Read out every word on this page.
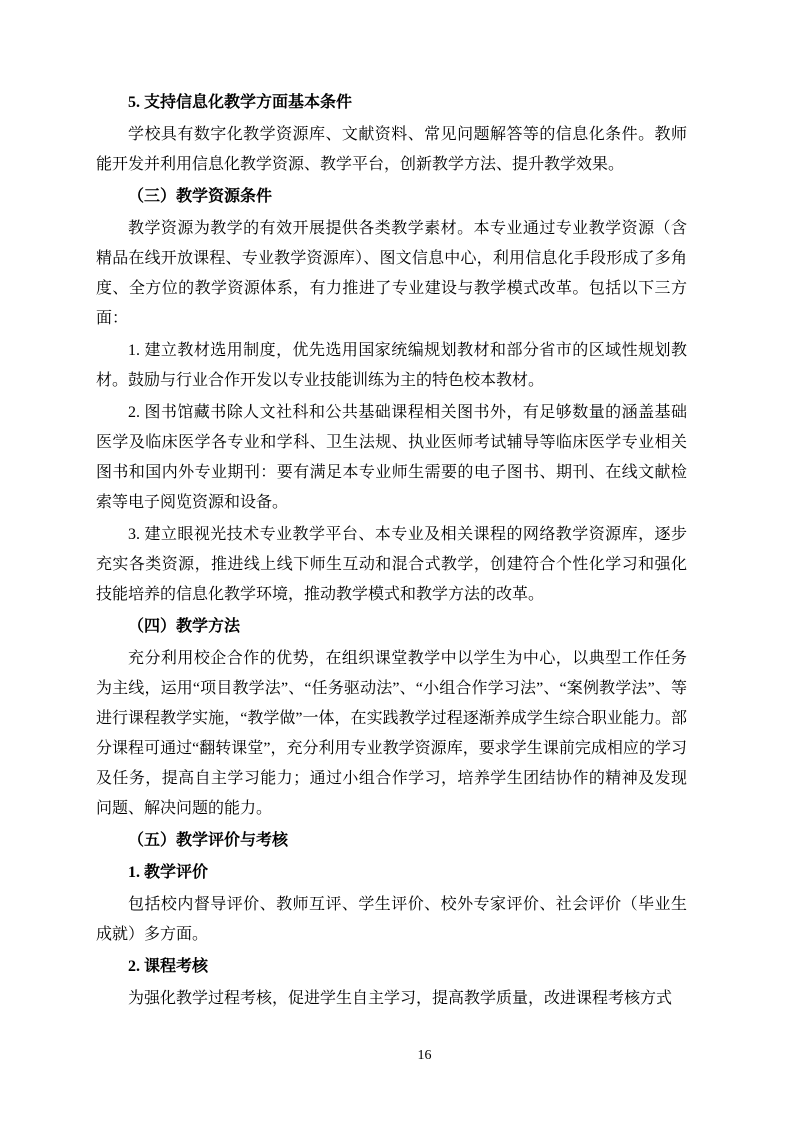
5. 支持信息化教学方面基本条件

学校具有数字化教学资源库、文献资料、常见问题解答等的信息化条件。教师能开发并利用信息化教学资源、教学平台，创新教学方法、提升教学效果。

（三）教学资源条件

教学资源为教学的有效开展提供各类教学素材。本专业通过专业教学资源（含精品在线开放课程、专业教学资源库）、图文信息中心，利用信息化手段形成了多角度、全方位的教学资源体系，有力推进了专业建设与教学模式改革。包括以下三方面：

1. 建立教材选用制度，优先选用国家统编规划教材和部分省市的区域性规划教材。鼓励与行业合作开发以专业技能训练为主的特色校本教材。

2. 图书馆藏书除人文社科和公共基础课程相关图书外，有足够数量的涵盖基础医学及临床医学各专业和学科、卫生法规、执业医师考试辅导等临床医学专业相关图书和国内外专业期刊：要有满足本专业师生需要的电子图书、期刊、在线文献检索等电子阅览资源和设备。

3. 建立眼视光技术专业教学平台、本专业及相关课程的网络教学资源库，逐步充实各类资源，推进线上线下师生互动和混合式教学，创建符合个性化学习和强化技能培养的信息化教学环境，推动教学模式和教学方法的改革。

（四）教学方法

充分利用校企合作的优势，在组织课堂教学中以学生为中心，以典型工作任务为主线，运用“项目教学法”、“任务驱动法”、“小组合作学习法”、“案例教学法”、等进行课程教学实施，“教学做”一体，在实践教学过程逐渐养成学生综合职业能力。部分课程可通过“翻转课堂”，充分利用专业教学资源库，要求学生课前完成相应的学习及任务，提高自主学习能力；通过小组合作学习，培养学生团结协作的精神及发现问题、解决问题的能力。

（五）教学评价与考核
1. 教学评价

包括校内督导评价、教师互评、学生评价、校外专家评价、社会评价（毕业生成就）多方面。

2. 课程考核

为强化教学过程考核，促进学生自主学习，提高教学质量，改进课程考核方式

16
